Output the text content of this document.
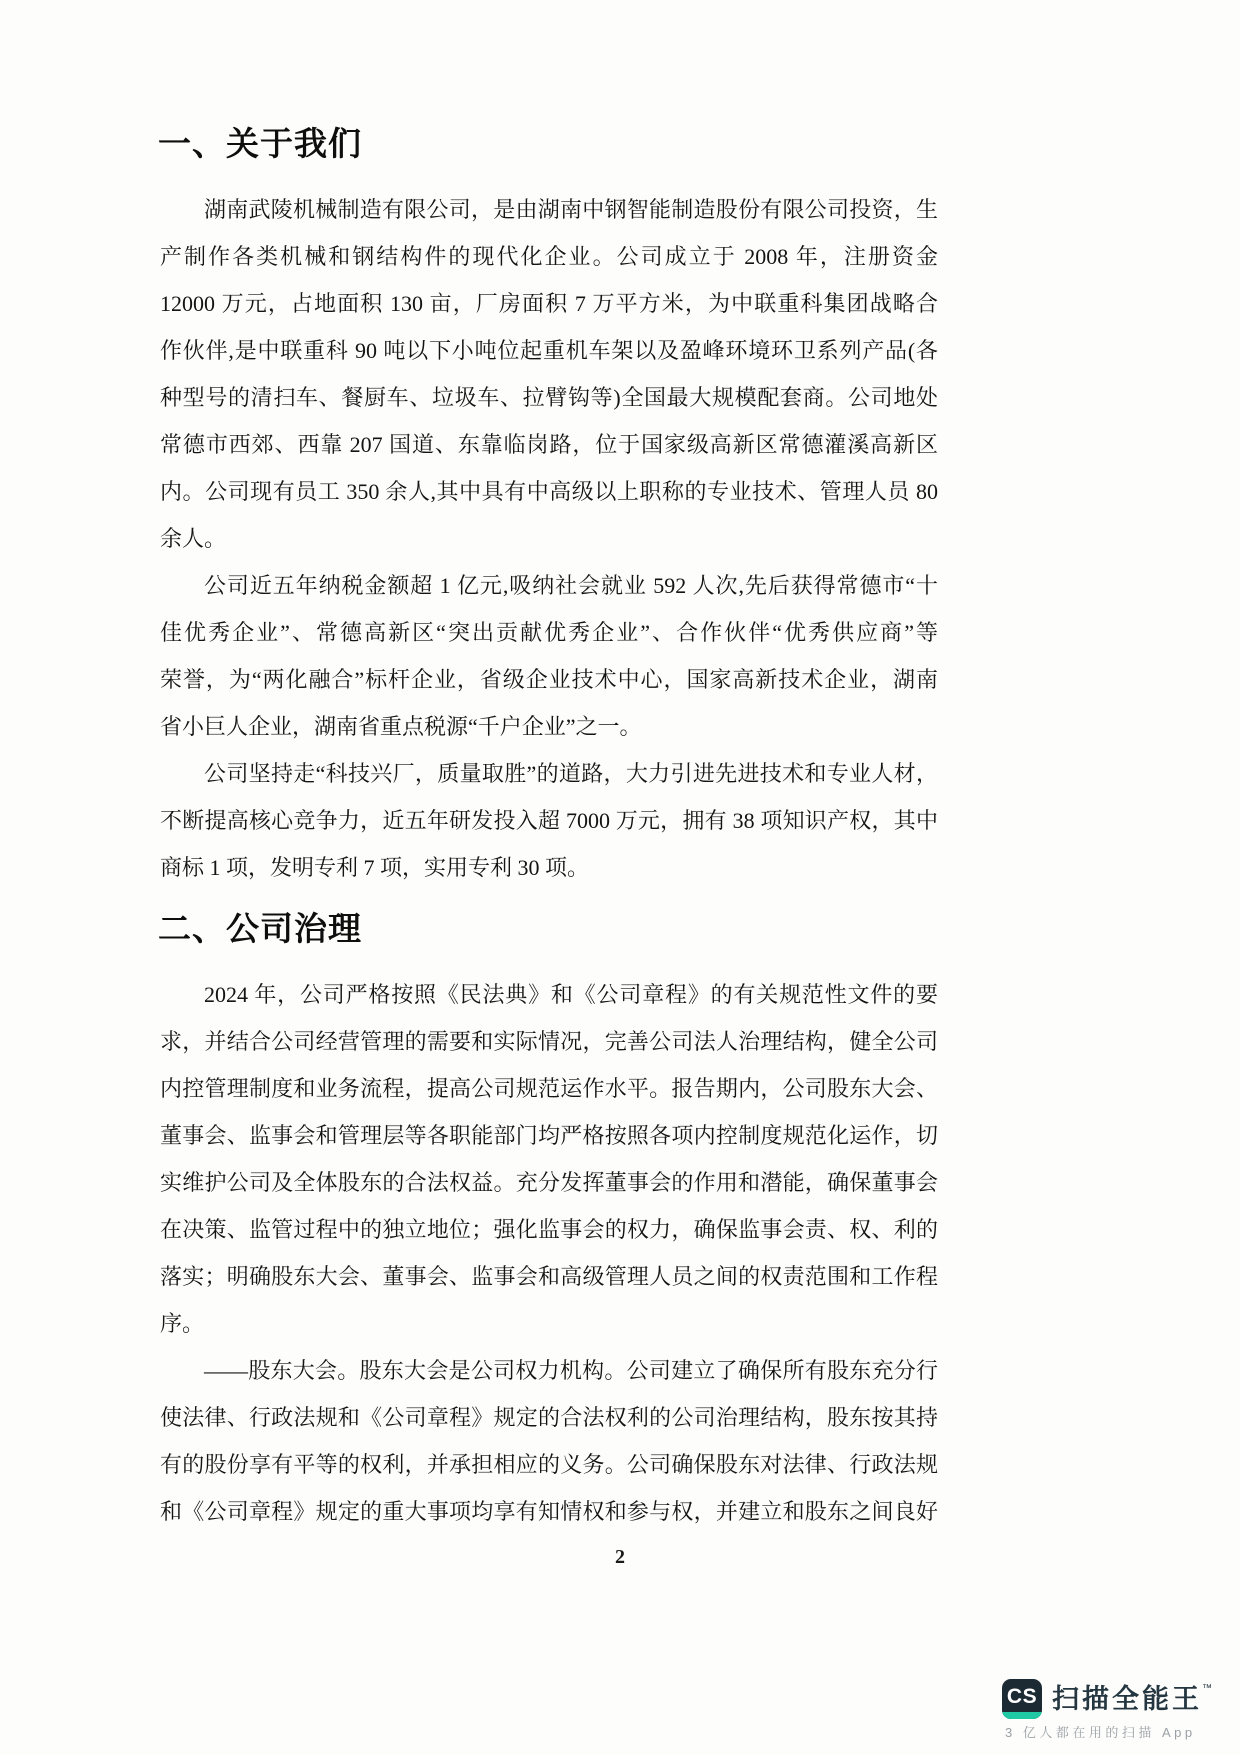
一、关于我们
湖南武陵机械制造有限公司，是由湖南中钢智能制造股份有限公司投资，生
产制作各类机械和钢结构件的现代化企业。公司成立于 2008 年，注册资金
12000 万元，占地面积 130 亩，厂房面积 7 万平方米，为中联重科集团战略合
作伙伴,是中联重科 90 吨以下小吨位起重机车架以及盈峰环境环卫系列产品(各
种型号的清扫车、餐厨车、垃圾车、拉臂钩等)全国最大规模配套商。公司地处
常德市西郊、西靠 207 国道、东靠临岗路，位于国家级高新区常德灌溪高新区
内。公司现有员工 350 余人,其中具有中高级以上职称的专业技术、管理人员 80
余人。
公司近五年纳税金额超 1 亿元,吸纳社会就业 592 人次,先后获得常德市“十
佳优秀企业”、常德高新区“突出贡献优秀企业”、合作伙伴“优秀供应商”等
荣誉，为“两化融合”标杆企业，省级企业技术中心，国家高新技术企业，湖南
省小巨人企业，湖南省重点税源“千户企业”之一。
公司坚持走“科技兴厂，质量取胜”的道路，大力引进先进技术和专业人材，
不断提高核心竞争力，近五年研发投入超 7000 万元，拥有 38 项知识产权，其中
商标 1 项，发明专利 7 项，实用专利 30 项。
二、公司治理
2024 年，公司严格按照《民法典》和《公司章程》的有关规范性文件的要
求，并结合公司经营管理的需要和实际情况，完善公司法人治理结构，健全公司
内控管理制度和业务流程，提高公司规范运作水平。报告期内，公司股东大会、
董事会、监事会和管理层等各职能部门均严格按照各项内控制度规范化运作，切
实维护公司及全体股东的合法权益。充分发挥董事会的作用和潜能，确保董事会
在决策、监管过程中的独立地位；强化监事会的权力，确保监事会责、权、利的
落实；明确股东大会、董事会、监事会和高级管理人员之间的权责范围和工作程
序。
——股东大会。股东大会是公司权力机构。公司建立了确保所有股东充分行
使法律、行政法规和《公司章程》规定的合法权利的公司治理结构，股东按其持
有的股份享有平等的权利，并承担相应的义务。公司确保股东对法律、行政法规
和《公司章程》规定的重大事项均享有知情权和参与权，并建立和股东之间良好
2
CS 扫描全能王™
3 亿人都在用的扫描 App
